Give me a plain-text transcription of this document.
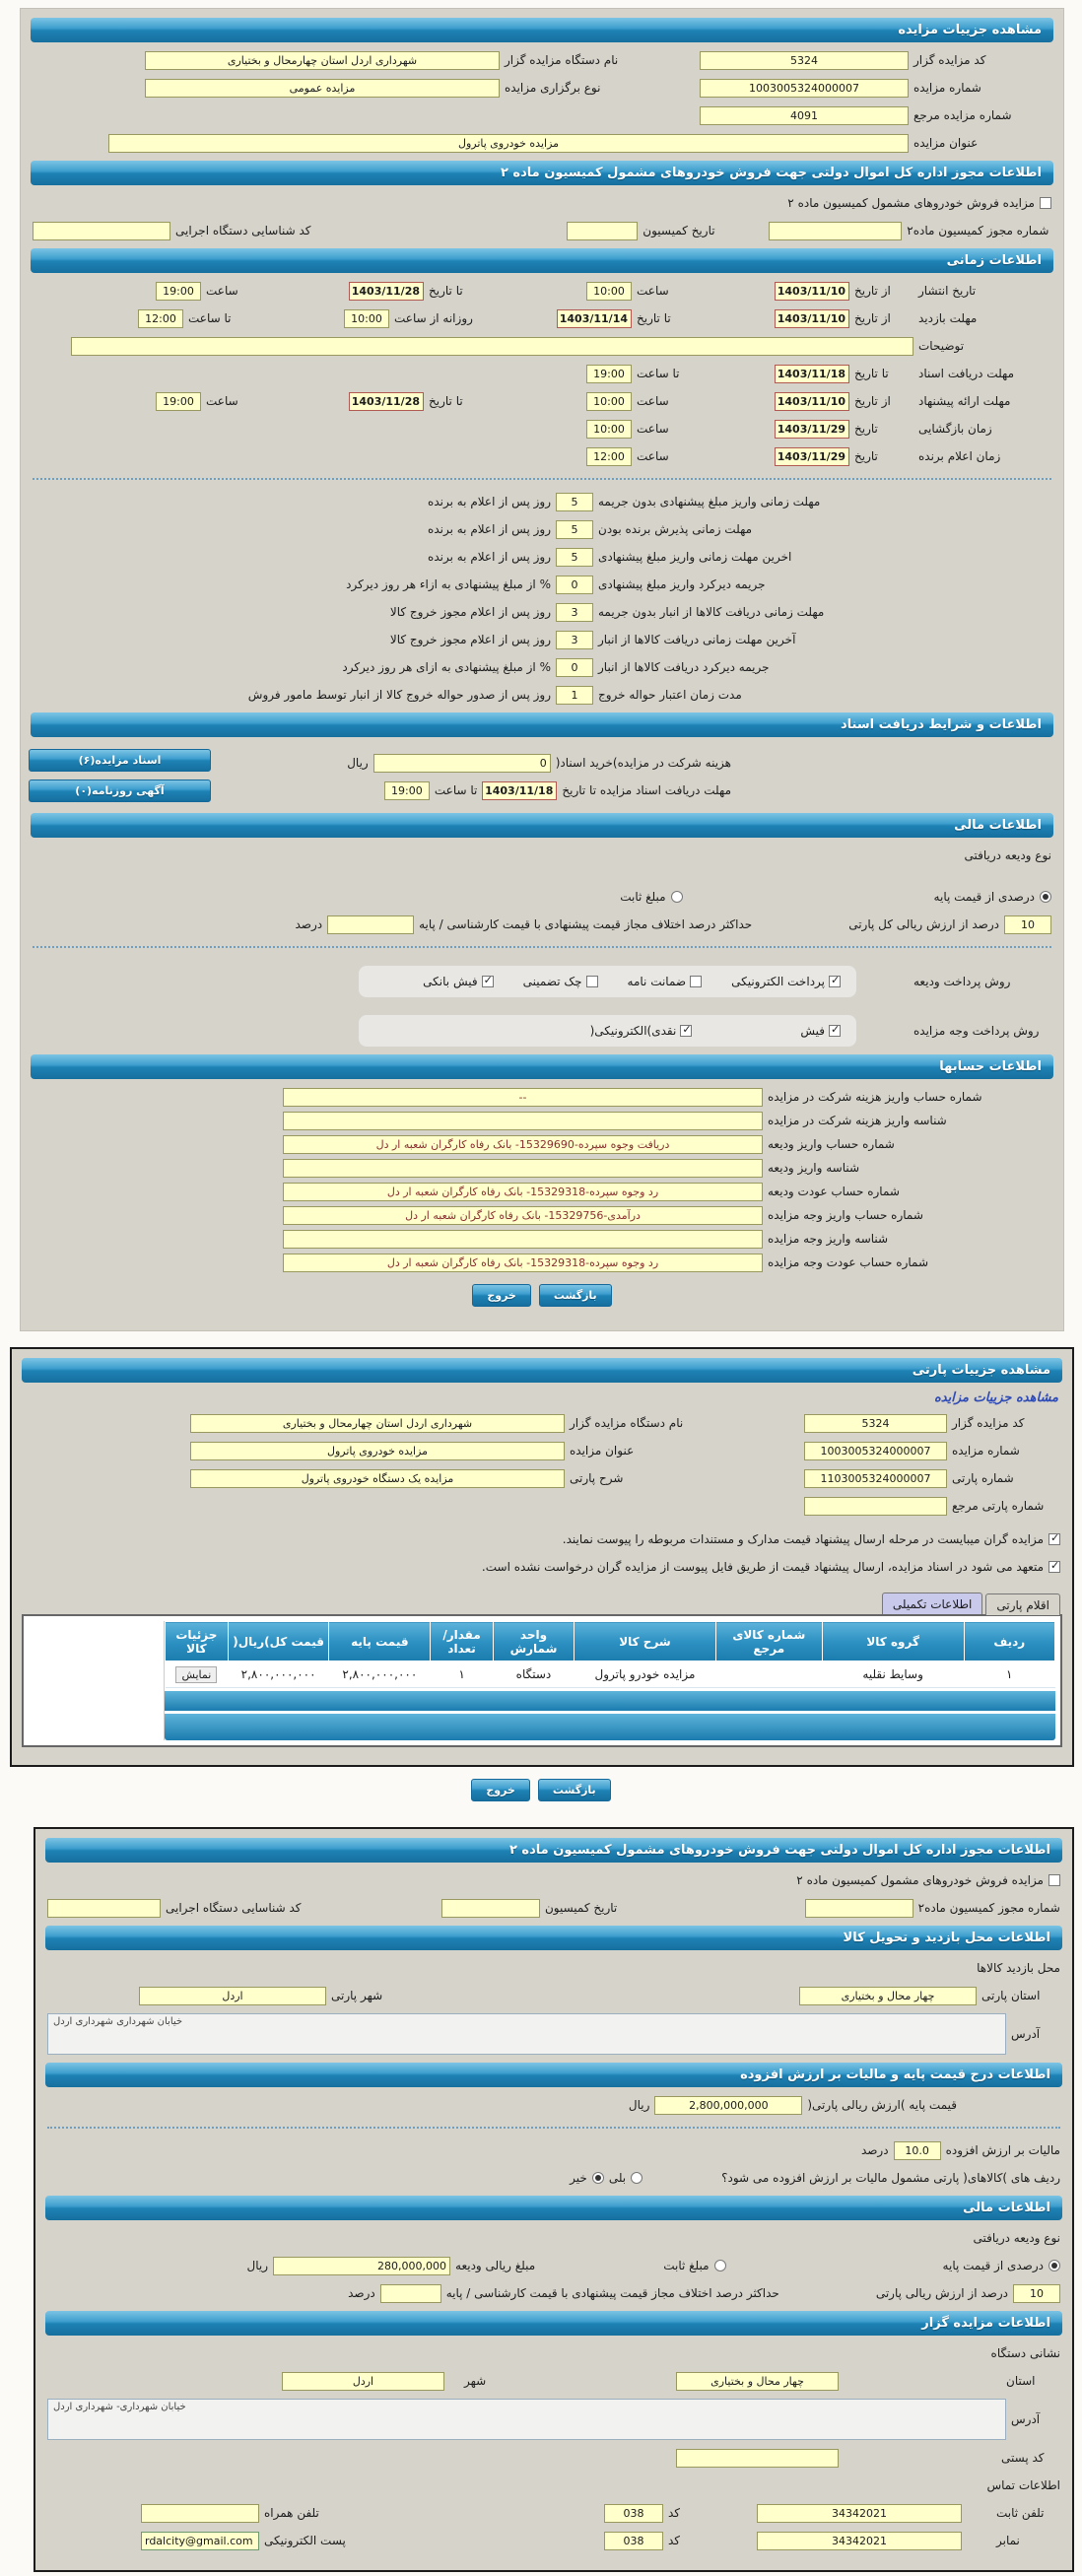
مشاهده جزییات مزایده
کد مزایده گزار
5324
نام دستگاه مزایده گزار
شهرداری اردل استان چهارمحال و بختیاری
شماره مزایده
1003005324000007
نوع برگزاری مزایده
مزایده عمومی
شماره مزایده مرجع
4091
عنوان مزایده
مزایده خودروی پاترول
اطلاعات مجوز اداره کل اموال دولتی جهت فروش خودروهای مشمول کمیسیون ماده ۲
مزایده فروش خودروهای مشمول کمیسیون ماده ۲
شماره مجوز کمیسیون ماده۲
تاریخ کمیسیون
کد شناسایی دستگاه اجرایی
اطلاعات زمانی
تاریخ انتشار
از تاریخ
1403/11/10
ساعت
10:00
تا تاریخ
1403/11/28
ساعت
19:00
مهلت بازدید
از تاریخ
1403/11/10
تا تاریخ
1403/11/14
روزانه از ساعت
10:00
تا ساعت
12:00
توضیحات
مهلت دریافت اسناد
تا تاریخ
1403/11/18
تا ساعت
19:00
مهلت ارائه پیشنهاد
از تاریخ
1403/11/10
ساعت
10:00
تا تاریخ
1403/11/28
ساعت
19:00
زمان بازگشایی
تاریخ
1403/11/29
ساعت
10:00
زمان اعلام برنده
تاریخ
1403/11/29
ساعت
12:00
مهلت زمانی واریز مبلغ پیشنهادی بدون جریمه
5
روز پس از اعلام به برنده
مهلت زمانی پذیرش برنده بودن
5
روز پس از اعلام به برنده
اخرین مهلت زمانی واریز مبلغ پیشنهادی
5
روز پس از اعلام به برنده
جریمه دیرکرد واریز مبلغ پیشنهادی
0
% از مبلغ پیشنهادی به ازاء هر روز دیرکرد
مهلت زمانی دریافت کالاها از انبار بدون جریمه
3
روز پس از اعلام مجوز خروج کالا
آخرین مهلت زمانی دریافت کالاها از انبار
3
روز پس از اعلام مجوز خروج کالا
جریمه دیرکرد دریافت کالاها از انبار
0
% از مبلغ پیشنهادی به ازای هر روز دیرکرد
مدت زمان اعتبار حواله خروج
1
روز پس از صدور حواله خروج کالا از انبار توسط مامور فروش
اطلاعات و شرایط دریافت اسناد
هزینه شرکت در مزایده)خرید اسناد(
0
ریال
مهلت دریافت اسناد مزایده تا تاریخ
1403/11/18
تا ساعت
19:00
اسناد مزایده(۶)
آگهی روزنامه(۰)
اطلاعات مالی
نوع ودیعه دریافتی
درصدی از قیمت پایه
مبلغ ثابت
10
درصد از ارزش ریالی کل پارتی
حداکثر درصد اختلاف مجاز قیمت پیشنهادی با قیمت کارشناسی / پایه
درصد
روش پرداخت ودیعه
✓
پرداخت الکترونیکی
ضمانت نامه
چک تضمینی
✓
فیش بانکی
روش پرداخت وجه مزایده
✓
فیش
✓
نقدی)الکترونیکی(
اطلاعات حسابها
شماره حساب واریز هزینه شرکت در مزایده
--
شناسه واریز هزینه شرکت در مزایده
شماره حساب واریز ودیعه
دریافت وجوه سپرده-15329690- بانک رفاه کارگران شعبه ار دل
شناسه واریز ودیعه
شماره حساب عودت ودیعه
رد وجوه سپرده-15329318- بانک رفاه کارگران شعبه ار دل
شماره حساب واریز وجه مزایده
درآمدی-15329756- بانک رفاه کارگران شعبه ار دل
شناسه واریز وجه مزایده
شماره حساب عودت وجه مزایده
رد وجوه سپرده-15329318- بانک رفاه کارگران شعبه ار دل
بازگشت
خروج
مشاهده جزییات پارتی
مشاهده جزییات مزایده
کد مزایده گزار
5324
نام دستگاه مزایده گزار
شهرداری اردل استان چهارمحال و بختیاری
شماره مزایده
1003005324000007
عنوان مزایده
مزایده خودروی پاترول
شماره پارتی
1103005324000007
شرح پارتی
مزایده یک دستگاه خودروی پاترول
شماره پارتی مرجع
✓
مزایده گران میبایست در مرحله ارسال پیشنهاد قیمت مدارک و مستندات مربوطه را پیوست نمایند.
✓
متعهد می شود در اسناد مزایده، ارسال پیشنهاد قیمت از طریق فایل پیوست از مزایده گران درخواست نشده است.
اقلام پارتی
اطلاعات تکمیلی
ردیف	گروه کالا	شماره کالای مرجع	شرح کالا	واحد شمارش	مقدار/ تعداد	قیمت پایه	قیمت کل)ریال(	جزئیات کالا
۱	وسایط نقلیه		مزایده خودرو پاترول	دستگاه	۱	۲,۸۰۰,۰۰۰,۰۰۰	۲,۸۰۰,۰۰۰,۰۰۰	نمایش
بازگشت
خروج
اطلاعات مجوز اداره کل اموال دولتی جهت فروش خودروهای مشمول کمیسیون ماده ۲
مزایده فروش خودروهای مشمول کمیسیون ماده ۲
شماره مجوز کمیسیون ماده۲
تاریخ کمیسیون
کد شناسایی دستگاه اجرایی
اطلاعات محل بازدید و تحویل کالا
محل بازدید کالاها
استان پارتی
چهار محال و بختیاری
شهر پارتی
اردل
آدرس
خیابان شهرداری شهرداری اردل
اطلاعات درج قیمت پایه و مالیات بر ارزش افزوده
قیمت پایه )ارزش ریالی پارتی(
2,800,000,000
ریال
مالیات بر ارزش افزوده
10.0
درصد
ردیف های )کالاهای( پارتی مشمول مالیات بر ارزش افزوده می شود؟
بلی
خیر
اطلاعات مالی
نوع ودیعه دریافتی
درصدی از قیمت پایه
مبلغ ثابت
مبلغ ریالی ودیعه
280,000,000
ریال
10
درصد از ارزش ریالی پارتی
حداکثر درصد اختلاف مجاز قیمت پیشنهادی با قیمت کارشناسی / پایه
درصد
اطلاعات مزایده گزار
نشانی دستگاه
استان
چهار محال و بختیاری
شهر
اردل
آدرس
خیابان شهرداری- شهرداری اردل
کد پستی
اطلاعات تماس
تلفن ثابت
34342021
کد
038
تلفن همراه
نمابر
34342021
کد
038
پست الکترونیکی
rdalcity@gmail.com
